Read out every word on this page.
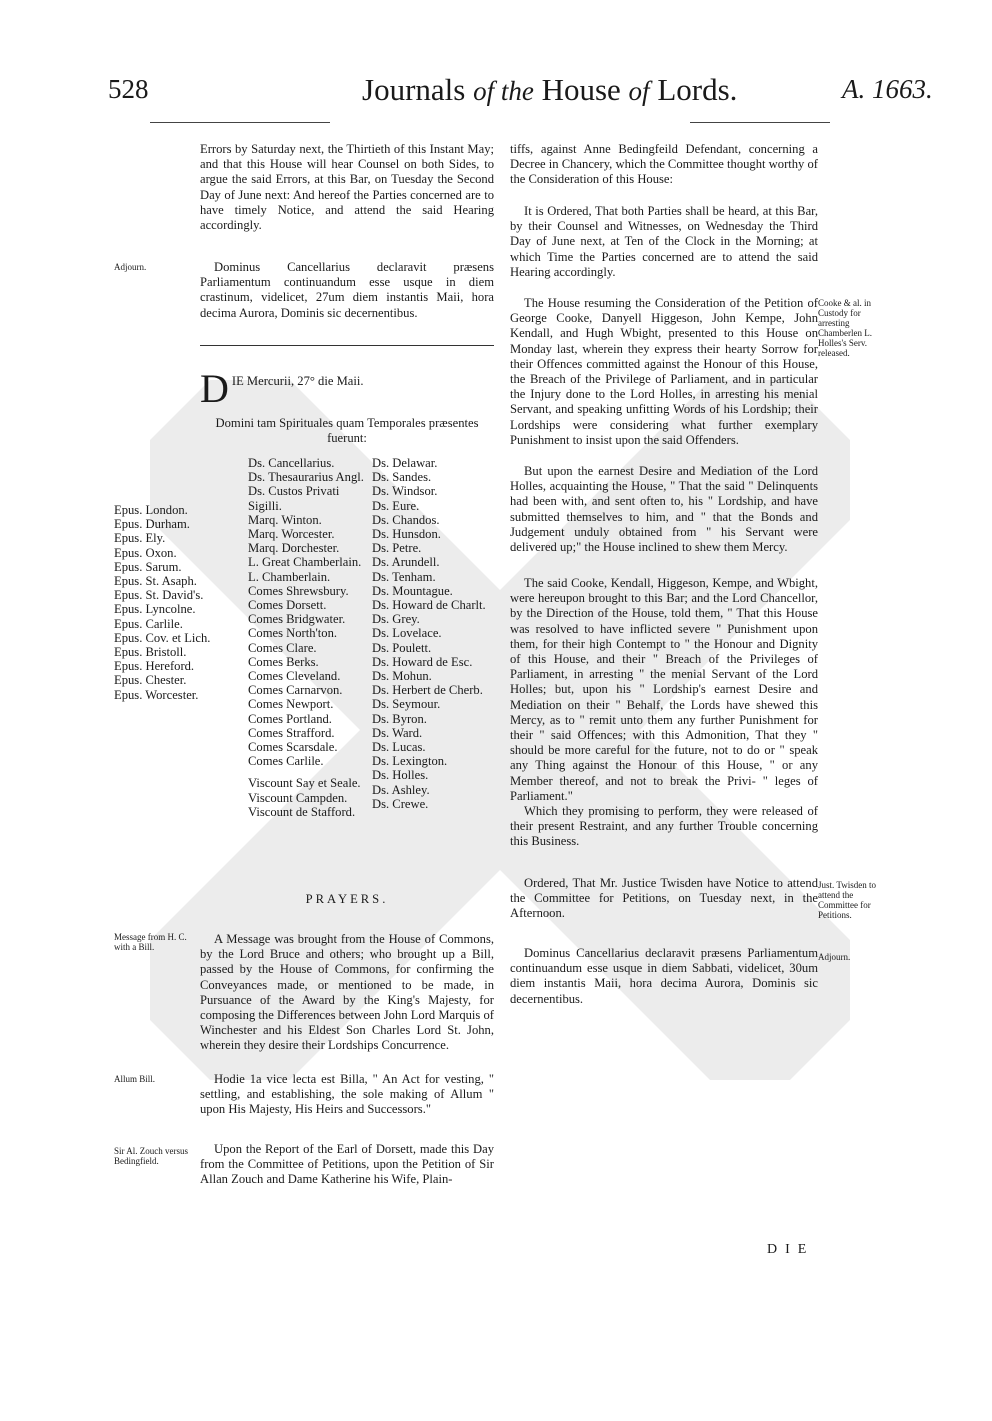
528	Journals of the House of Lords.	A. 1663.

Errors by Saturday next, the Thirtieth of this Instant May; and that this House will hear Counsel on both Sides, to argue the said Errors, at this Bar, on Tuesday the Second Day of June next: And hereof the Parties concerned are to have timely Notice, and attend the said Hearing accordingly.

Adjourn.	Dominus Cancellarius declaravit præsens Parliamentum continuandum esse usque in diem crastinum, videlicet, 27um diem instantis Maii, hora decima Aurora, Dominis sic decernentibus.

D IE Mercurii, 27° die Maii.

Domini tam Spirituales quam Temporales præsentes fuerunt:

Epus. London.
Epus. Durham.
Epus. Ely.
Epus. Oxon.
Epus. Sarum.
Epus. St. Asaph.
Epus. St. David's.
Epus. Lyncolne.
Epus. Carlile.
Epus. Cov. et Lich.
Epus. Bristoll.
Epus. Hereford.
Epus. Chester.
Epus. Worcester.
Ds. Cancellarius.
Ds. Thesaurarius Angl.
Ds. Custos Privati Sigilli.
Marq. Winton.
Marq. Worcester.
Marq. Dorchester.
L. Great Chamberlain.
L. Chamberlain.
Comes Shrewsbury.
Comes Dorsett.
Comes Bridgwater.
Comes North'ton.
Comes Clare.
Comes Berks.
Comes Cleveland.
Comes Carnarvon.
Comes Newport.
Comes Portland.
Comes Strafford.
Comes Scarsdale.
Comes Carlile.
Viscount Say et Seale.
Viscount Campden.
Viscount de Stafford.
Ds. Delawar.
Ds. Sandes.
Ds. Windsor.
Ds. Eure.
Ds. Chandos.
Ds. Hunsdon.
Ds. Petre.
Ds. Arundell.
Ds. Tenham.
Ds. Mountague.
Ds. Howard de Charlt.
Ds. Grey.
Ds. Lovelace.
Ds. Poulett.
Ds. Howard de Esc.
Ds. Mohun.
Ds. Herbert de Cherb.
Ds. Seymour.
Ds. Byron.
Ds. Ward.
Ds. Lucas.
Ds. Lexington.
Ds. Holles.
Ds. Ashley.
Ds. Crewe.
PRAYERS.
Message from H. C. with a Bill.

A Message was brought from the House of Commons, by the Lord Bruce and others; who brought up a Bill, passed by the House of Commons, for confirming the Conveyances made, or mentioned to be made, in Pursuance of the Award by the King's Majesty, for composing the Differences between John Lord Marquis of Winchester and his Eldest Son Charles Lord St. John, wherein they desire their Lordships Concurrence.

Allum Bill.	Hodie 1a vice lecta est Billa, " An Act for vesting, " settling, and establishing, the sole making of Allum " upon His Majesty, His Heirs and Successors."

Sir Al. Zouch versus Bedingfield.

Upon the Report of the Earl of Dorsett, made this Day from the Committee of Petitions, upon the Petition of Sir Allan Zouch and Dame Katherine his Wife, Plain-

tiffs, against Anne Bedingfeild Defendant, concerning a Decree in Chancery, which the Committee thought worthy of the Consideration of this House:

It is Ordered, That both Parties shall be heard, at this Bar, by their Counsel and Witnesses, on Wednesday the Third Day of June next, at Ten of the Clock in the Morning; at which Time the Parties concerned are to attend the said Hearing accordingly.

Cooke & al. in Custody for arresting Chamberlen L. Holles's Serv. released.

The House resuming the Consideration of the Petition of George Cooke, Danyell Higgeson, John Kempe, John Kendall, and Hugh Wbight, presented to this House on Monday last, wherein they express their hearty Sorrow for their Offences committed against the Honour of this House, the Breach of the Privilege of Parliament, and in particular the Injury done to the Lord Holles, in arresting his menial Servant, and speaking unfitting Words of his Lordship; their Lordships were considering what further exemplary Punishment to insist upon the said Offenders.

But upon the earnest Desire and Mediation of the Lord Holles, acquainting the House, " That the said " Delinquents had been with, and sent often to, his " Lordship, and have submitted themselves to him, and " that the Bonds and Judgement unduly obtained from " his Servant were delivered up;" the House inclined to shew them Mercy.

The said Cooke, Kendall, Higgeson, Kempe, and Wbight, were hereupon brought to this Bar; and the Lord Chancellor, by the Direction of the House, told them, " That this House was resolved to have inflicted severe " Punishment upon them, for their high Contempt to " the Honour and Dignity of this House, and their " Breach of the Privileges of Parliament, in arresting " the menial Servant of the Lord Holles; but, upon his " Lordship's earnest Desire and Mediation on their " Behalf, the Lords have shewed this Mercy, as to " remit unto them any further Punishment for their " said Offences; with this Admonition, That they " should be more careful for the future, not to do or " speak any Thing against the Honour of this House, " or any Member thereof, and not to break the Privi- " leges of Parliament."

Which they promising to perform, they were released of their present Restraint, and any further Trouble concerning this Business.

Just. Twisden to attend the Committee for Petitions.

Ordered, That Mr. Justice Twisden have Notice to attend the Committee for Petitions, on Tuesday next, in the Afternoon.

Adjourn.

Dominus Cancellarius declaravit præsens Parliamentum continuandum esse usque in diem Sabbati, videlicet, 30um diem instantis Maii, hora decima Aurora, Dominis sic decernentibus.

DIE
